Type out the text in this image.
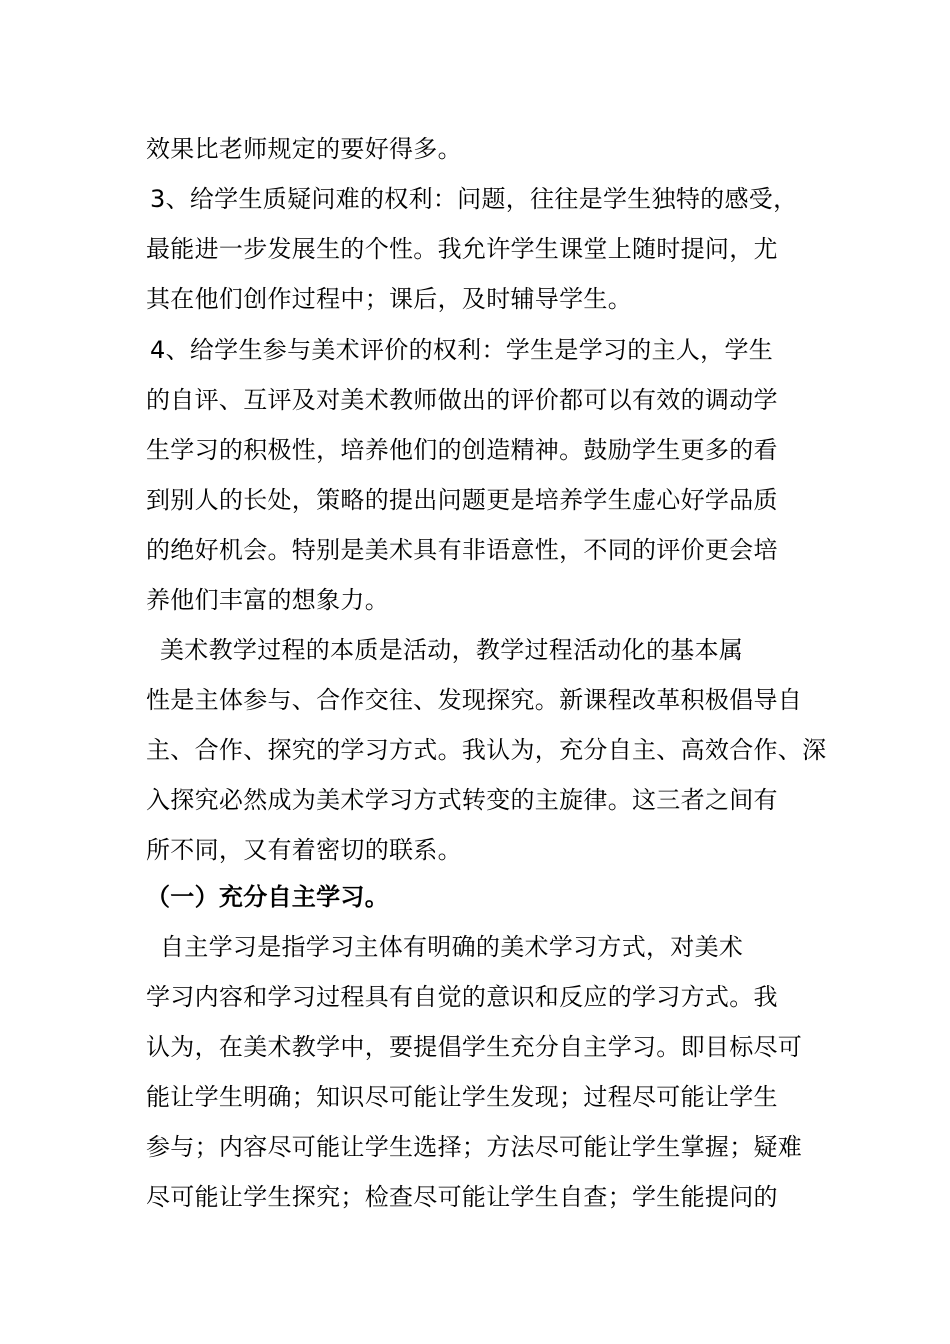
效果比老师规定的要好得多。
3、给学生质疑问难的权利：问题，往往是学生独特的感受，
最能进一步发展生的个性。我允许学生课堂上随时提问，尤
其在他们创作过程中；课后，及时辅导学生。
4、给学生参与美术评价的权利：学生是学习的主人，学生
的自评、互评及对美术教师做出的评价都可以有效的调动学
生学习的积极性，培养他们的创造精神。鼓励学生更多的看
到别人的长处，策略的提出问题更是培养学生虚心好学品质
的绝好机会。特别是美术具有非语意性，不同的评价更会培
养他们丰富的想象力。
美术教学过程的本质是活动，教学过程活动化的基本属
性是主体参与、合作交往、发现探究。新课程改革积极倡导自
主、合作、探究的学习方式。我认为，充分自主、高效合作、深
入探究必然成为美术学习方式转变的主旋律。这三者之间有
所不同，又有着密切的联系。
（一）充分自主学习。
自主学习是指学习主体有明确的美术学习方式，对美术
学习内容和学习过程具有自觉的意识和反应的学习方式。我
认为，在美术教学中，要提倡学生充分自主学习。即目标尽可
能让学生明确；知识尽可能让学生发现；过程尽可能让学生
参与；内容尽可能让学生选择；方法尽可能让学生掌握；疑难
尽可能让学生探究；检查尽可能让学生自查；学生能提问的
